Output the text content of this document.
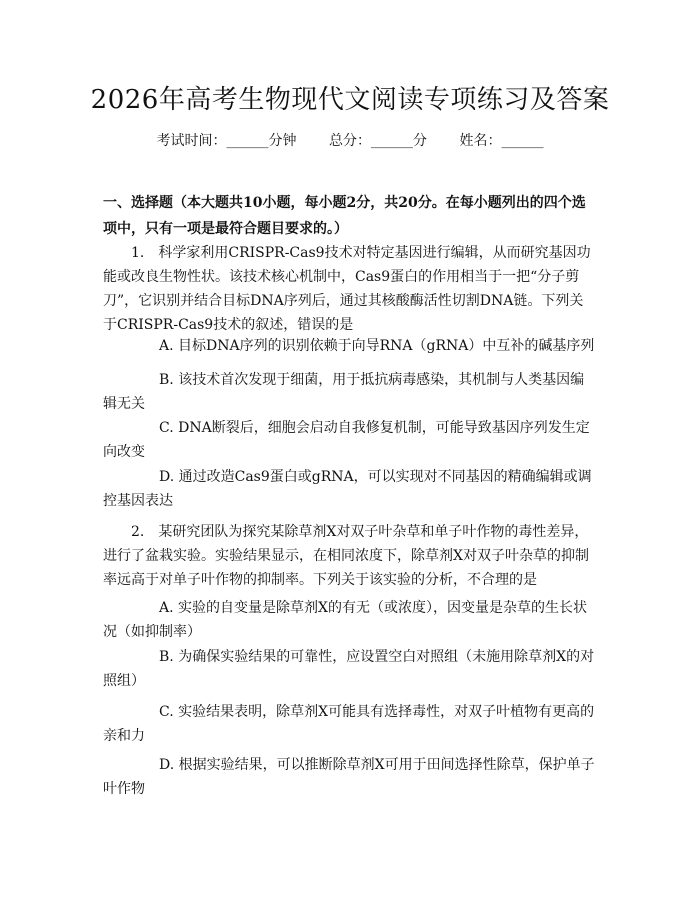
2026年高考生物现代文阅读专项练习及答案
考试时间：______分钟 总分：______分 姓名：______

一、选择题（本大题共10小题，每小题2分，共20分。在每小题列出的四个选项中，只有一项是最符合题目要求的。）

1.　科学家利用CRISPR-Cas9技术对特定基因进行编辑，从而研究基因功能或改良生物性状。该技术核心机制中，Cas9蛋白的作用相当于一把“分子剪刀”，它识别并结合目标DNA序列后，通过其核酸酶活性切割DNA链。下列关于CRISPR-Cas9技术的叙述，错误的是

A. 目标DNA序列的识别依赖于向导RNA（gRNA）中互补的碱基序列

B. 该技术首次发现于细菌，用于抵抗病毒感染，其机制与人类基因编辑无关

C. DNA断裂后，细胞会启动自我修复机制，可能导致基因序列发生定向改变

D. 通过改造Cas9蛋白或gRNA，可以实现对不同基因的精确编辑或调控基因表达

2.　某研究团队为探究某除草剂X对双子叶杂草和单子叶作物的毒性差异，进行了盆栽实验。实验结果显示，在相同浓度下，除草剂X对双子叶杂草的抑制率远高于对单子叶作物的抑制率。下列关于该实验的分析，不合理的是

A. 实验的自变量是除草剂X的有无（或浓度），因变量是杂草的生长状况（如抑制率）

B. 为确保实验结果的可靠性，应设置空白对照组（未施用除草剂X的对照组）

C. 实验结果表明，除草剂X可能具有选择毒性，对双子叶植物有更高的亲和力

D. 根据实验结果，可以推断除草剂X可用于田间选择性除草，保护单子叶作物
